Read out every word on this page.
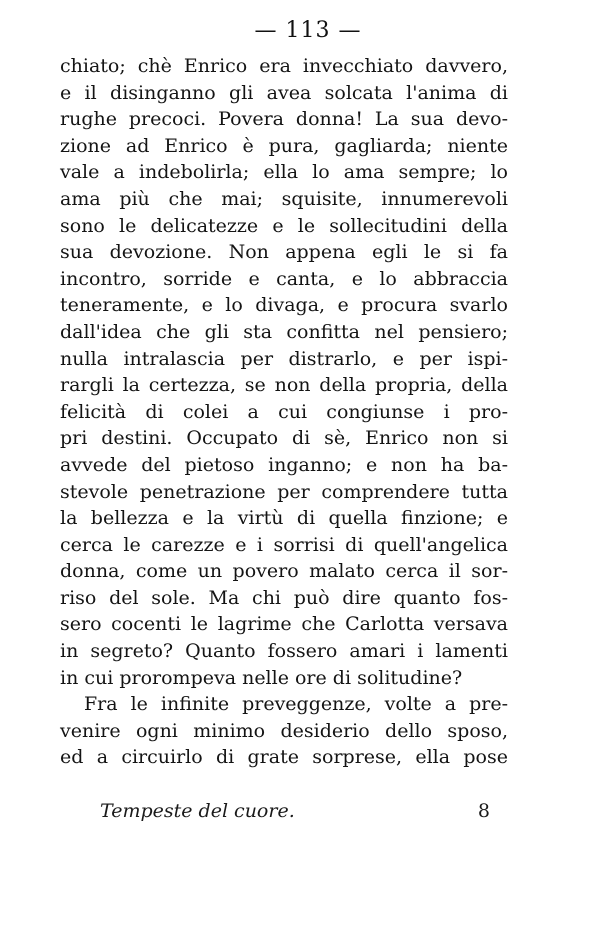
— 113 —
chiato; chè Enrico era invecchiato davvero,
e il disinganno gli avea solcata l'anima di
rughe precoci. Povera donna! La sua devo-
zione ad Enrico è pura, gagliarda; niente
vale a indebolirla; ella lo ama sempre; lo
ama più che mai; squisite, innumerevoli
sono le delicatezze e le sollecitudini della
sua devozione. Non appena egli le si fa
incontro, sorride e canta, e lo abbraccia
teneramente, e lo divaga, e procura svarlo
dall'idea che gli sta confitta nel pensiero;
nulla intralascia per distrarlo, e per ispi-
rargli la certezza, se non della propria, della
felicità di colei a cui congiunse i pro-
pri destini. Occupato di sè, Enrico non si
avvede del pietoso inganno; e non ha ba-
stevole penetrazione per comprendere tutta
la bellezza e la virtù di quella finzione; e
cerca le carezze e i sorrisi di quell'angelica
donna, come un povero malato cerca il sor-
riso del sole. Ma chi può dire quanto fos-
sero cocenti le lagrime che Carlotta versava
in segreto? Quanto fossero amari i lamenti
in cui prorompeva nelle ore di solitudine?
Fra le infinite preveggenze, volte a pre-
venire ogni minimo desiderio dello sposo,
ed a circuirlo di grate sorprese, ella pose
Tempeste del cuore.	8
